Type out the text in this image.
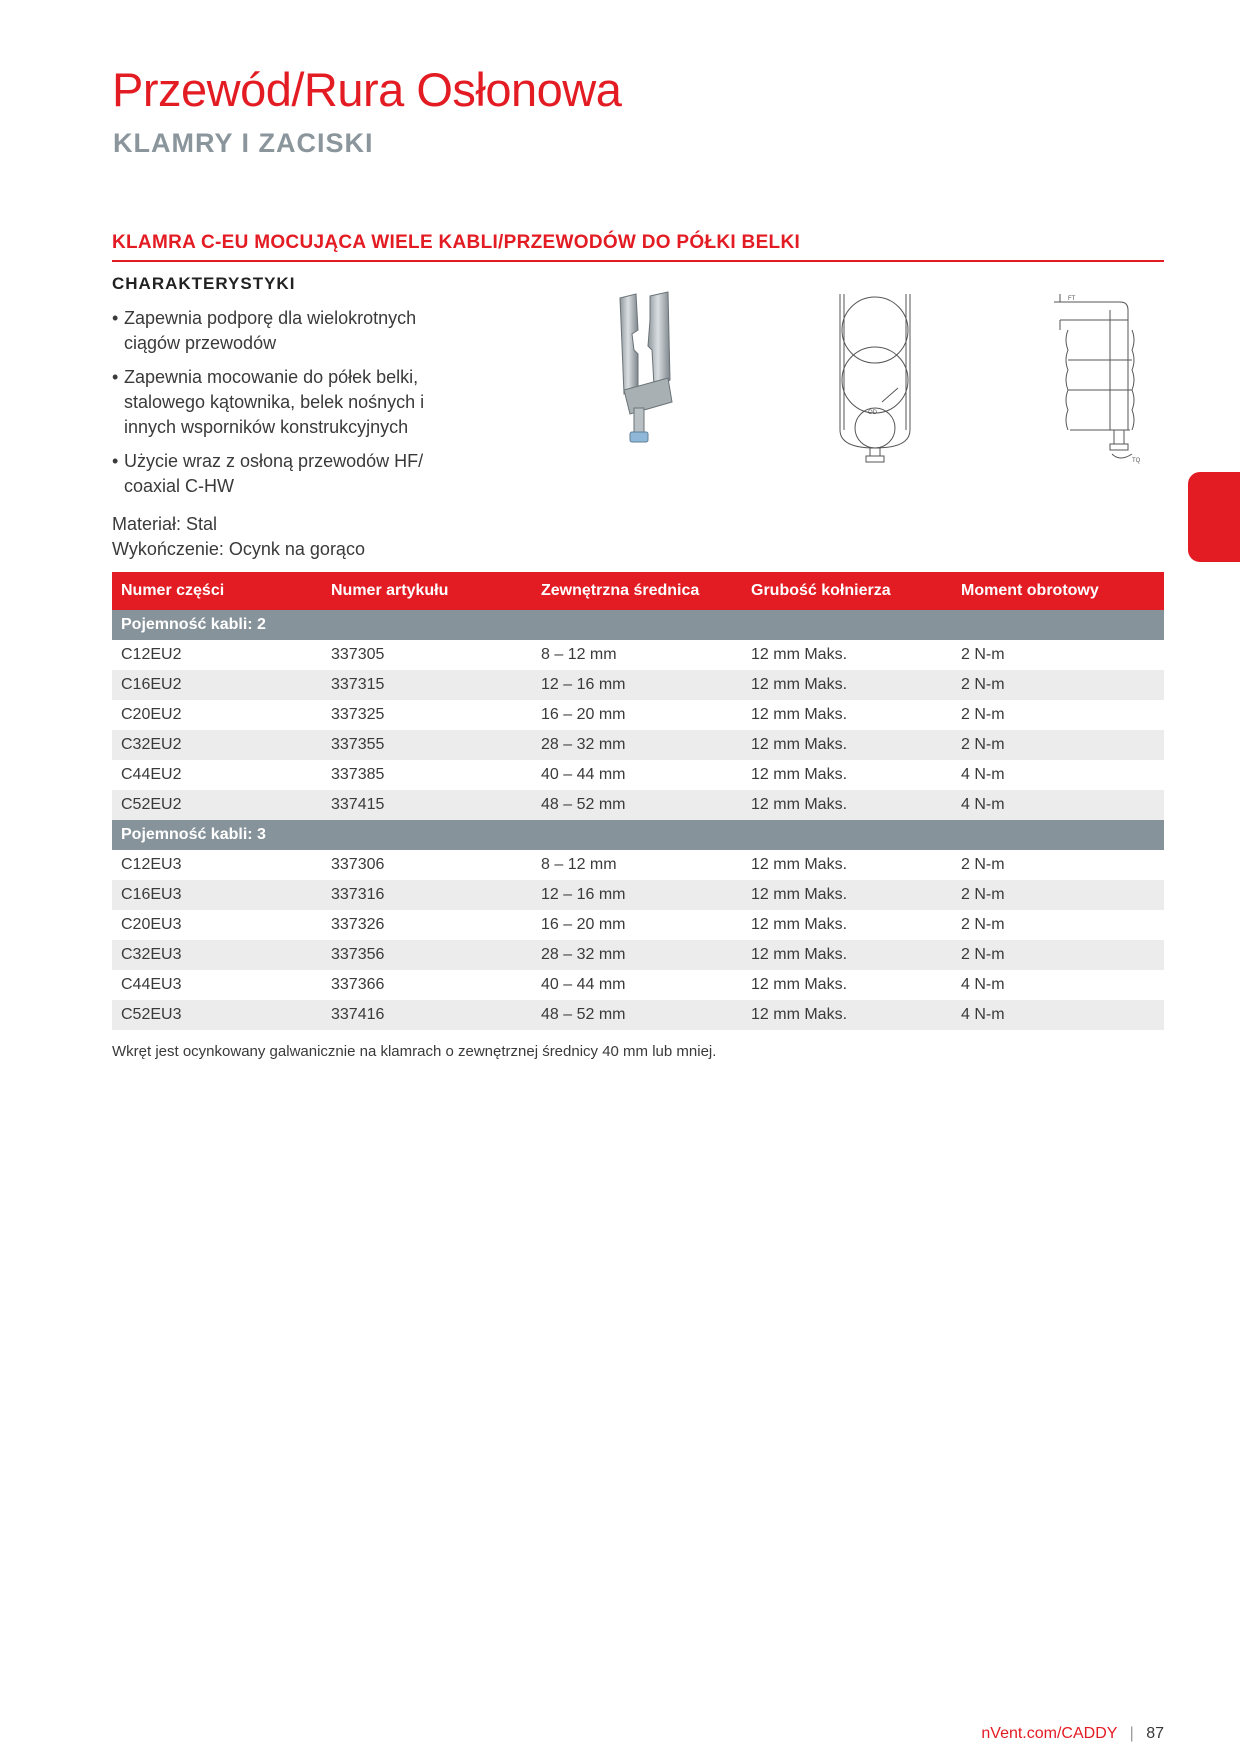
Przewód/Rura Osłonowa
KLAMRY I ZACISKI
KLAMRA C-EU MOCUJĄCA WIELE KABLI/PRZEWODÓW DO PÓŁKI BELKI
CHARAKTERYSTYKI
• Zapewnia podporę dla wielokrotnych ciągów przewodów
• Zapewnia mocowanie do półek belki, stalowego kątownika, belek nośnych i innych wsporników konstrukcyjnych
• Użycie wraz z osłoną przewodów HF/ coaxial C-HW
Materiał: Stal
Wykończenie: Ocynk na gorąco
OD
FT
TQ
Numer części	Numer artykułu	Zewnętrzna średnica	Grubość kołnierza	Moment obrotowy
Pojemność kabli: 2				
C12EU2	337305	8 – 12 mm	12 mm Maks.	2 N-m
C16EU2	337315	12 – 16 mm	12 mm Maks.	2 N-m
C20EU2	337325	16 – 20 mm	12 mm Maks.	2 N-m
C32EU2	337355	28 – 32 mm	12 mm Maks.	2 N-m
C44EU2	337385	40 – 44 mm	12 mm Maks.	4 N-m
C52EU2	337415	48 – 52 mm	12 mm Maks.	4 N-m
Pojemność kabli: 3				
C12EU3	337306	8 – 12 mm	12 mm Maks.	2 N-m
C16EU3	337316	12 – 16 mm	12 mm Maks.	2 N-m
C20EU3	337326	16 – 20 mm	12 mm Maks.	2 N-m
C32EU3	337356	28 – 32 mm	12 mm Maks.	2 N-m
C44EU3	337366	40 – 44 mm	12 mm Maks.	4 N-m
C52EU3	337416	48 – 52 mm	12 mm Maks.	4 N-m
Wkręt jest ocynkowany galwanicznie na klamrach o zewnętrznej średnicy 40 mm lub mniej.
nVent.com/CADDY | 87
